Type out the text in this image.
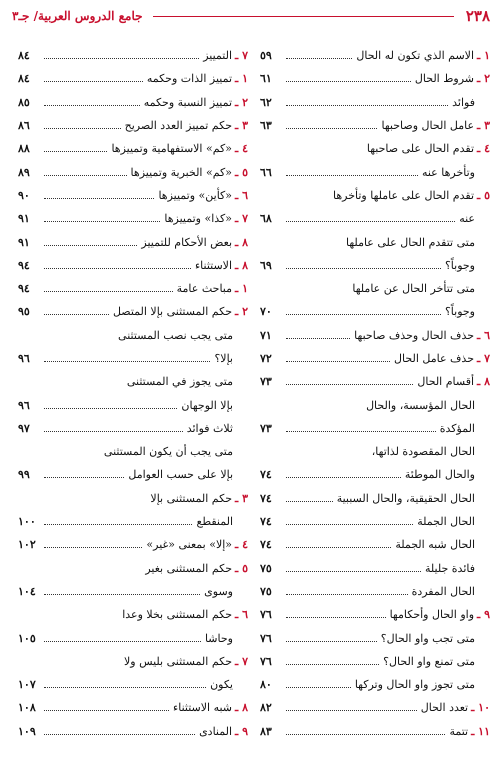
٢٣٨
جامع الدروس العربية/ جـ٣
١ ـ
الاسم الذي تكون له الحال
٥٩
٢ ـ
شروط الحال
٦١
فوائد
٦٢
٣ ـ
عامل الحال وصاحبها
٦٣
٤ ـ
تقدم الحال على صاحبها
وتأخرها عنه
٦٦
٥ ـ
تقدم الحال على عاملها وتأخرها
عنه
٦٨
متى تتقدم الحال على عاملها
وجوباً؟
٦٩
متى تتأخر الحال عن عاملها
وجوباً؟
٧٠
٦ ـ
حذف الحال وحذف صاحبها
٧١
٧ ـ
حذف عامل الحال
٧٢
٨ ـ
أقسام الحال
٧٣
الحال المؤسسة، والحال
المؤكدة
٧٣
الحال المقصودة لذاتها،
والحال الموطئة
٧٤
الحال الحقيقية، والحال السببية
٧٤
الحال الجملة
٧٤
الحال شبه الجملة
٧٤
فائدة جليلة
٧٥
الحال المفردة
٧٥
٩ ـ
واو الحال وأحكامها
٧٦
متى تجب واو الحال؟
٧٦
متى تمنع واو الحال؟
٧٦
متى تجوز واو الحال وتركها
٨٠
١٠ ـ
تعدد الحال
٨٢
١١ ـ
تتمة
٨٣
٧ ـ
التمييز
٨٤
١ ـ
تمييز الذات وحكمه
٨٤
٢ ـ
تمييز النسبة وحكمه
٨٥
٣ ـ
حكم تمييز العدد الصريح
٨٦
٤ ـ
«كم» الاستفهامية وتمييزها
٨٨
٥ ـ
«كم» الخبرية وتمييزها
٨٩
٦ ـ
«كأين» وتمييزها
٩٠
٧ ـ
«كذا» وتمييزها
٩١
٨ ـ
بعض الأحكام للتمييز
٩١
٨ ـ
الاستثناء
٩٤
١ ـ
مباحث عامة
٩٤
٢ ـ
حكم المستثنى بإلا المتصل
٩٥
متى يجب نصب المستثنى
بإلا؟
٩٦
متى يجوز في المستثنى
بإلا الوجهان
٩٦
ثلاث فوائد
٩٧
متى يجب أن يكون المستثنى
بإلا على حسب العوامل
٩٩
٣ ـ
حكم المستثنى بإلا
المنقطع
١٠٠
٤ ـ
«إلا» بمعنى «غير»
١٠٢
٥ ـ
حكم المستثنى بغير
وسوى
١٠٤
٦ ـ
حكم المستثنى بخلا وعدا
وحاشا
١٠٥
٧ ـ
حكم المستثنى بليس ولا
يكون
١٠٧
٨ ـ
شبه الاستثناء
١٠٨
٩ ـ
المنادى
١٠٩
